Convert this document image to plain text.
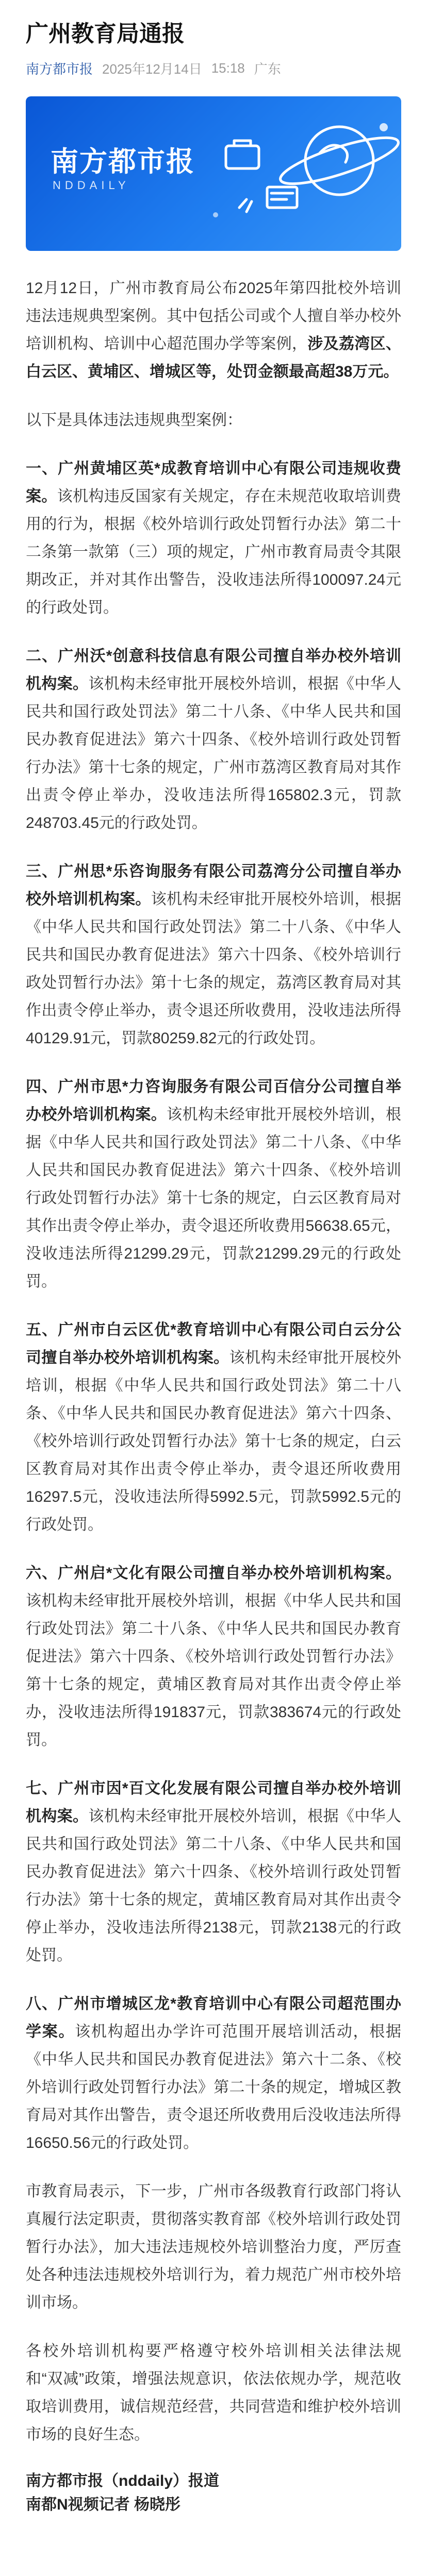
广州教育局通报
南方都市报 2025年12月14日 15:18 广东
南方都市报
NDDAILY

12月12日，广州市教育局公布2025年第四批校外培训违法违规典型案例。其中包括公司或个人擅自举办校外培训机构、培训中心超范围办学等案例，涉及荔湾区、白云区、黄埔区、增城区等，处罚金额最高超38万元。

以下是具体违法违规典型案例：

一、广州黄埔区英*成教育培训中心有限公司违规收费案。该机构违反国家有关规定，存在未规范收取培训费用的行为，根据《校外培训行政处罚暂行办法》第二十二条第一款第（三）项的规定，广州市教育局责令其限期改正，并对其作出警告，没收违法所得100097.24元的行政处罚。

二、广州沃*创意科技信息有限公司擅自举办校外培训机构案。该机构未经审批开展校外培训，根据《中华人民共和国行政处罚法》第二十八条、《中华人民共和国民办教育促进法》第六十四条、《校外培训行政处罚暂行办法》第十七条的规定，广州市荔湾区教育局对其作出责令停止举办，没收违法所得165802.3元，罚款248703.45元的行政处罚。

三、广州思*乐咨询服务有限公司荔湾分公司擅自举办校外培训机构案。该机构未经审批开展校外培训，根据《中华人民共和国行政处罚法》第二十八条、《中华人民共和国民办教育促进法》第六十四条、《校外培训行政处罚暂行办法》第十七条的规定，荔湾区教育局对其作出责令停止举办，责令退还所收费用，没收违法所得40129.91元，罚款80259.82元的行政处罚。

四、广州市思*力咨询服务有限公司百信分公司擅自举办校外培训机构案。该机构未经审批开展校外培训，根据《中华人民共和国行政处罚法》第二十八条、《中华人民共和国民办教育促进法》第六十四条、《校外培训行政处罚暂行办法》第十七条的规定，白云区教育局对其作出责令停止举办，责令退还所收费用56638.65元，没收违法所得21299.29元，罚款21299.29元的行政处罚。

五、广州市白云区优*教育培训中心有限公司白云分公司擅自举办校外培训机构案。该机构未经审批开展校外培训，根据《中华人民共和国行政处罚法》第二十八条、《中华人民共和国民办教育促进法》第六十四条、《校外培训行政处罚暂行办法》第十七条的规定，白云区教育局对其作出责令停止举办，责令退还所收费用16297.5元，没收违法所得5992.5元，罚款5992.5元的行政处罚。

六、广州启*文化有限公司擅自举办校外培训机构案。该机构未经审批开展校外培训，根据《中华人民共和国行政处罚法》第二十八条、《中华人民共和国民办教育促进法》第六十四条、《校外培训行政处罚暂行办法》第十七条的规定，黄埔区教育局对其作出责令停止举办，没收违法所得191837元，罚款383674元的行政处罚。

七、广州市因*百文化发展有限公司擅自举办校外培训机构案。该机构未经审批开展校外培训，根据《中华人民共和国行政处罚法》第二十八条、《中华人民共和国民办教育促进法》第六十四条、《校外培训行政处罚暂行办法》第十七条的规定，黄埔区教育局对其作出责令停止举办，没收违法所得2138元，罚款2138元的行政处罚。

八、广州市增城区龙*教育培训中心有限公司超范围办学案。该机构超出办学许可范围开展培训活动，根据《中华人民共和国民办教育促进法》第六十二条、《校外培训行政处罚暂行办法》第二十条的规定，增城区教育局对其作出警告，责令退还所收费用后没收违法所得16650.56元的行政处罚。

市教育局表示，下一步，广州市各级教育行政部门将认真履行法定职责，贯彻落实教育部《校外培训行政处罚暂行办法》，加大违法违规校外培训整治力度，严厉查处各种违法违规校外培训行为，着力规范广州市校外培训市场。

各校外培训机构要严格遵守校外培训相关法律法规和“双减”政策，增强法规意识，依法依规办学，规范收取培训费用，诚信规范经营，共同营造和维护校外培训市场的良好生态。

南方都市报（nddaily）报道
南都N视频记者 杨晓彤
